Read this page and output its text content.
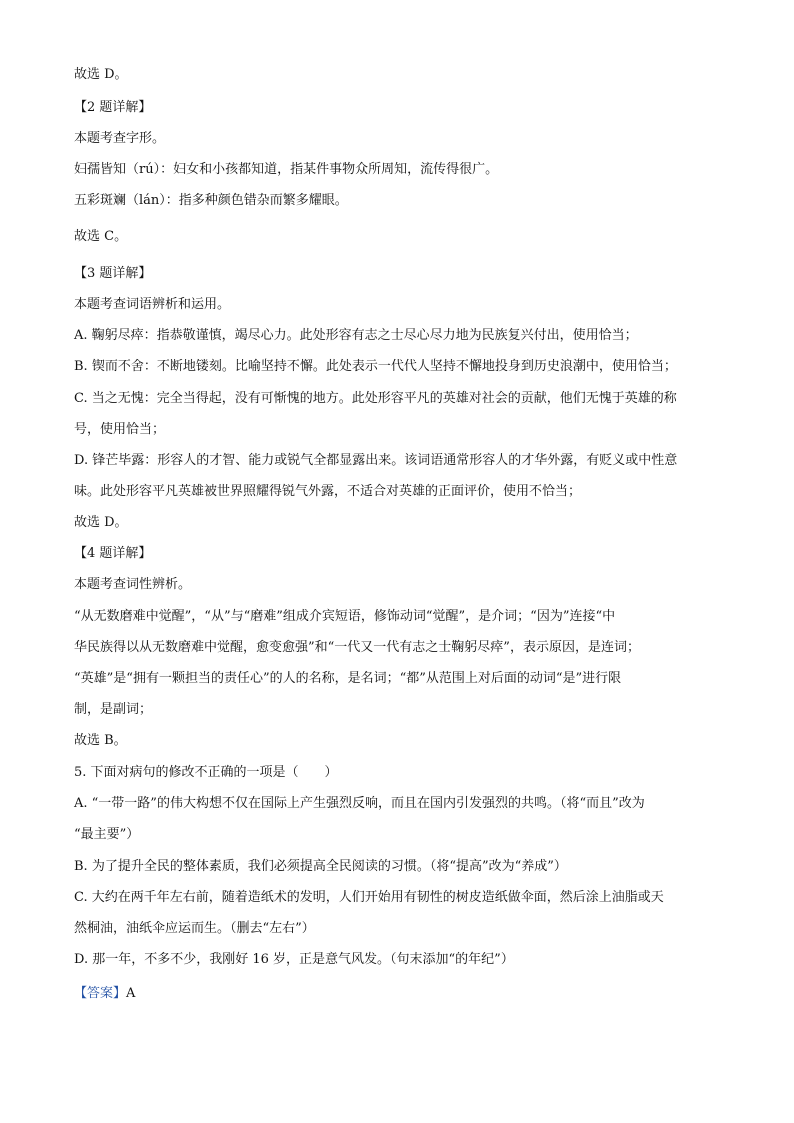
故选 D。
【2 题详解】
本题考查字形。
妇孺皆知（rú）：妇女和小孩都知道，指某件事物众所周知，流传得很广。
五彩斑斓（lán）：指多种颜色错杂而繁多耀眼。
故选 C。
【3 题详解】
本题考查词语辨析和运用。
A. 鞠躬尽瘁：指恭敬谨慎，竭尽心力。此处形容有志之士尽心尽力地为民族复兴付出，使用恰当；
B. 锲而不舍：不断地镂刻。比喻坚持不懈。此处表示一代代人坚持不懈地投身到历史浪潮中，使用恰当；
C. 当之无愧：完全当得起，没有可惭愧的地方。此处形容平凡的英雄对社会的贡献，他们无愧于英雄的称
号，使用恰当；
D. 锋芒毕露：形容人的才智、能力或锐气全都显露出来。该词语通常形容人的才华外露，有贬义或中性意
味。此处形容平凡英雄被世界照耀得锐气外露，不适合对英雄的正面评价，使用不恰当；
故选 D。
【4 题详解】
本题考查词性辨析。
“从无数磨难中觉醒”，“从”与“磨难”组成介宾短语，修饰动词“觉醒”，是介词；“因为”连接“中
华民族得以从无数磨难中觉醒，愈变愈强”和“一代又一代有志之士鞠躬尽瘁”，表示原因，是连词；
“英雄”是“拥有一颗担当的责任心”的人的名称，是名词；“都”从范围上对后面的动词“是”进行限
制，是副词；
故选 B。
5. 下面对病句的修改不正确的一项是（　　）
A. “一带一路”的伟大构想不仅在国际上产生强烈反响，而且在国内引发强烈的共鸣。（将“而且”改为
“最主要”）
B. 为了提升全民的整体素质，我们必须提高全民阅读的习惯。（将“提高”改为“养成”）
C. 大约在两千年左右前，随着造纸术的发明，人们开始用有韧性的树皮造纸做伞面，然后涂上油脂或天
然桐油，油纸伞应运而生。（删去“左右”）
D. 那一年，不多不少，我刚好 16 岁，正是意气风发。（句末添加“的年纪”）
【答案】A
